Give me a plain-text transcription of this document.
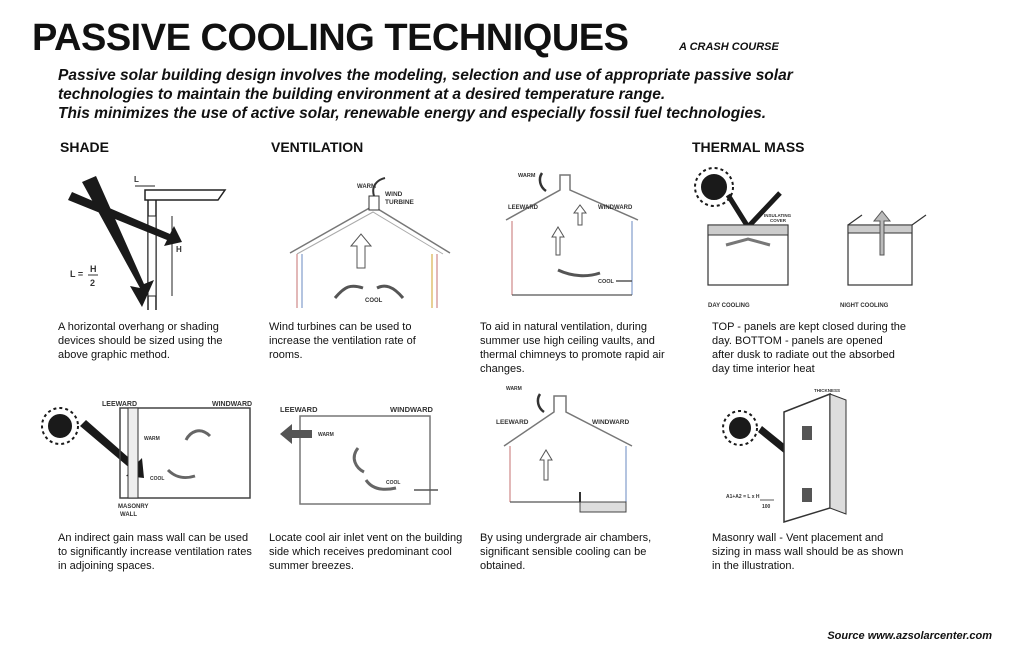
PASSIVE COOLING TECHNIQUES	A CRASH COURSE

Passive solar building design involves the modeling, selection and use of appropriate passive solar

technologies to maintain the building environment at a desired temperature range.

This minimizes the use of active solar, renewable energy and especially fossil fuel technologies.

SHADE	VENTILATION	THERMAL MASS
L
H
L = H
2
WARM
WIND
TURBINE
COOL
WARM
LEEWARD	WINDWARD
COOL
INSULATING
COVER
DAY COOLING	NIGHT COOLING
A horizontal overhang or shading devices should be sized using the above graphic method.
Wind turbines can be used to increase the ventilation rate of rooms.
To aid in natural ventilation, during summer use high ceiling vaults, and thermal chimneys to promote rapid air changes.
TOP - panels are kept closed during the day. BOTTOM - panels are opened after dusk to radiate out the absorbed day time interior heat
LEEWARD	WINDWARD
WARM
COOL
MASONRY
WALL
LEEWARD	WINDWARD
WARM
COOL
WARM
LEEWARD	WINDWARD
THICKNESS
A1+A2 = L x H
100
An indirect gain mass wall can be used to significantly increase ventilation rates in adjoining spaces.
Locate cool air inlet vent on the building side which receives predominant cool summer breezes.
By using undergrade air chambers, significant sensible cooling can be obtained.
Masonry wall - Vent placement and sizing in mass wall should be as shown in the illustration.
Source www.azsolarcenter.com
